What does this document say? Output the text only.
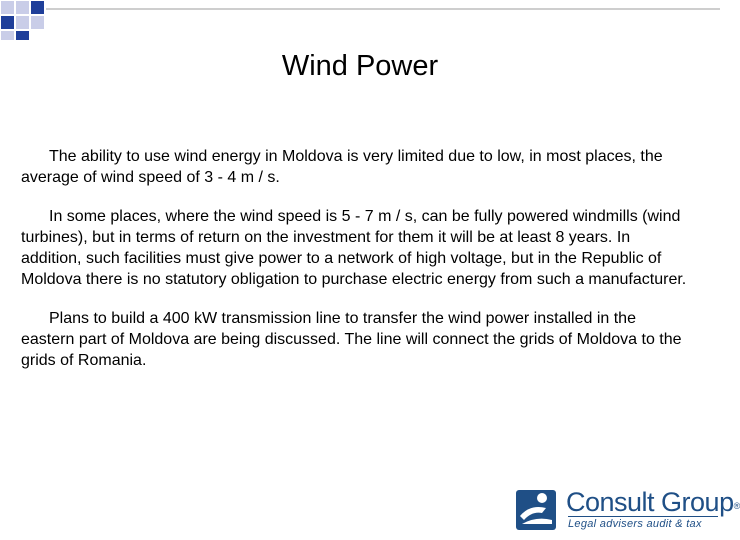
Wind Power

The ability to use wind energy in Moldova is very limited due to low, in most places, the average of wind speed of 3 - 4 m / s.

In some places, where the wind speed is 5 - 7 m / s, can be fully powered windmills (wind turbines), but in terms of return on the investment for them it will be at least 8 years. In addition, such facilities must give power to a network of high voltage, but in the Republic of Moldova there is no statutory obligation to purchase electric energy from such a manufacturer.

Plans to build a 400 kW transmission line to transfer the wind power installed in the eastern part of Moldova are being discussed. The line will connect the grids of Moldova to the grids of Romania.

Consult Group®
Legal advisers audit & tax
